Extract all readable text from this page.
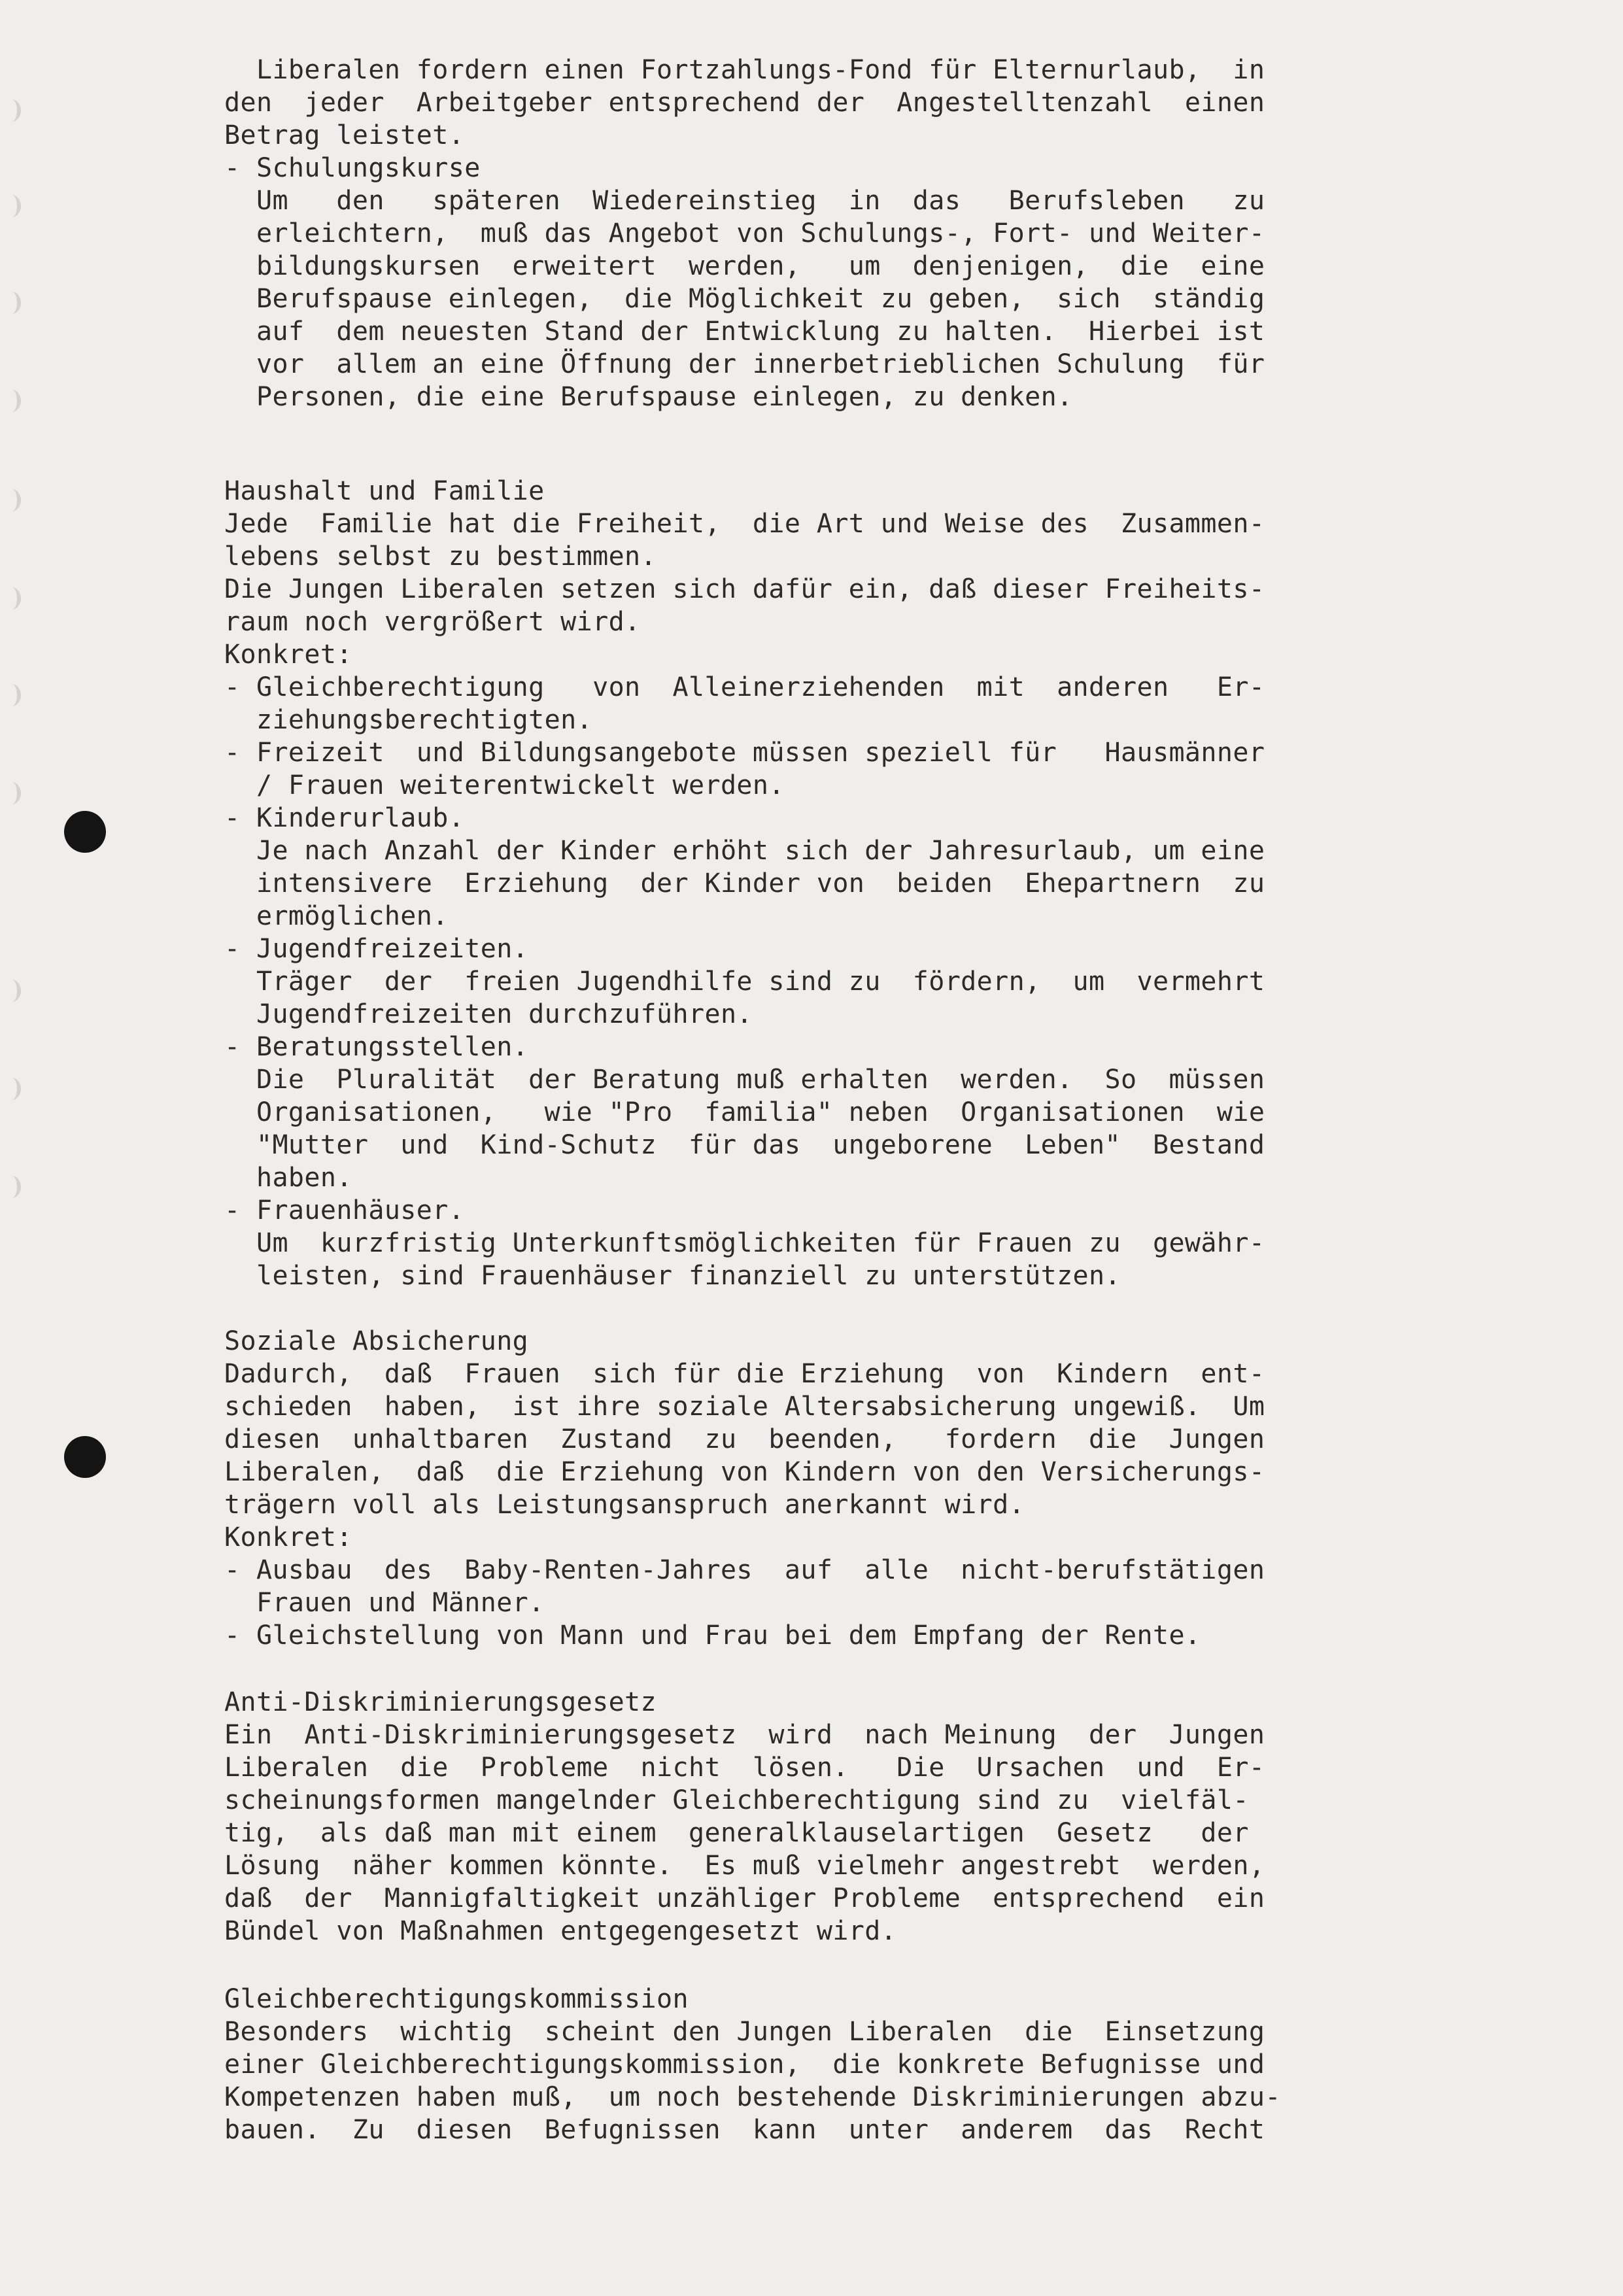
Liberalen fordern einen Fortzahlungs-Fond für Elternurlaub,  in
den  jeder  Arbeitgeber entsprechend der  Angestelltenzahl  einen
Betrag leistet.
- Schulungskurse
Um   den   späteren  Wiedereinstieg  in  das   Berufsleben   zu
erleichtern,  muß das Angebot von Schulungs-, Fort- und Weiter-
bildungskursen  erweitert  werden,   um  denjenigen,  die  eine
Berufspause einlegen,  die Möglichkeit zu geben,  sich  ständig
auf  dem neuesten Stand der Entwicklung zu halten.  Hierbei ist
vor  allem an eine Öffnung der innerbetrieblichen Schulung  für
Personen, die eine Berufspause einlegen, zu denken.
Haushalt und Familie
Jede  Familie hat die Freiheit,  die Art und Weise des  Zusammen-
lebens selbst zu bestimmen.
Die Jungen Liberalen setzen sich dafür ein, daß dieser Freiheits-
raum noch vergrößert wird.
Konkret:
- Gleichberechtigung   von  Alleinerziehenden  mit  anderen   Er-
ziehungsberechtigten.
- Freizeit  und Bildungsangebote müssen speziell für   Hausmänner
/ Frauen weiterentwickelt werden.
- Kinderurlaub.
Je nach Anzahl der Kinder erhöht sich der Jahresurlaub, um eine
intensivere  Erziehung  der Kinder von  beiden  Ehepartnern  zu
ermöglichen.
- Jugendfreizeiten.
Träger  der  freien Jugendhilfe sind zu  fördern,  um  vermehrt
Jugendfreizeiten durchzuführen.
- Beratungsstellen.
Die  Pluralität  der Beratung muß erhalten  werden.  So  müssen
Organisationen,   wie "Pro  familia" neben  Organisationen  wie
"Mutter  und  Kind-Schutz  für das  ungeborene  Leben"  Bestand
haben.
- Frauenhäuser.
Um  kurzfristig Unterkunftsmöglichkeiten für Frauen zu  gewähr-
leisten, sind Frauenhäuser finanziell zu unterstützen.
Soziale Absicherung
Dadurch,  daß  Frauen  sich für die Erziehung  von  Kindern  ent-
schieden  haben,  ist ihre soziale Altersabsicherung ungewiß.  Um
diesen  unhaltbaren  Zustand  zu  beenden,   fordern  die  Jungen
Liberalen,  daß  die Erziehung von Kindern von den Versicherungs-
trägern voll als Leistungsanspruch anerkannt wird.
Konkret:
- Ausbau  des  Baby-Renten-Jahres  auf  alle  nicht-berufstätigen
Frauen und Männer.
- Gleichstellung von Mann und Frau bei dem Empfang der Rente.
Anti-Diskriminierungsgesetz
Ein  Anti-Diskriminierungsgesetz  wird  nach Meinung  der  Jungen
Liberalen  die  Probleme  nicht  lösen.   Die  Ursachen  und  Er-
scheinungsformen mangelnder Gleichberechtigung sind zu  vielfäl-
tig,  als daß man mit einem  generalklauselartigen  Gesetz   der
Lösung  näher kommen könnte.  Es muß vielmehr angestrebt  werden,
daß  der  Mannigfaltigkeit unzähliger Probleme  entsprechend  ein
Bündel von Maßnahmen entgegengesetzt wird.
Gleichberechtigungskommission
Besonders  wichtig  scheint den Jungen Liberalen  die  Einsetzung
einer Gleichberechtigungskommission,  die konkrete Befugnisse und
Kompetenzen haben muß,  um noch bestehende Diskriminierungen abzu-
bauen.  Zu  diesen  Befugnissen  kann  unter  anderem  das  Recht
